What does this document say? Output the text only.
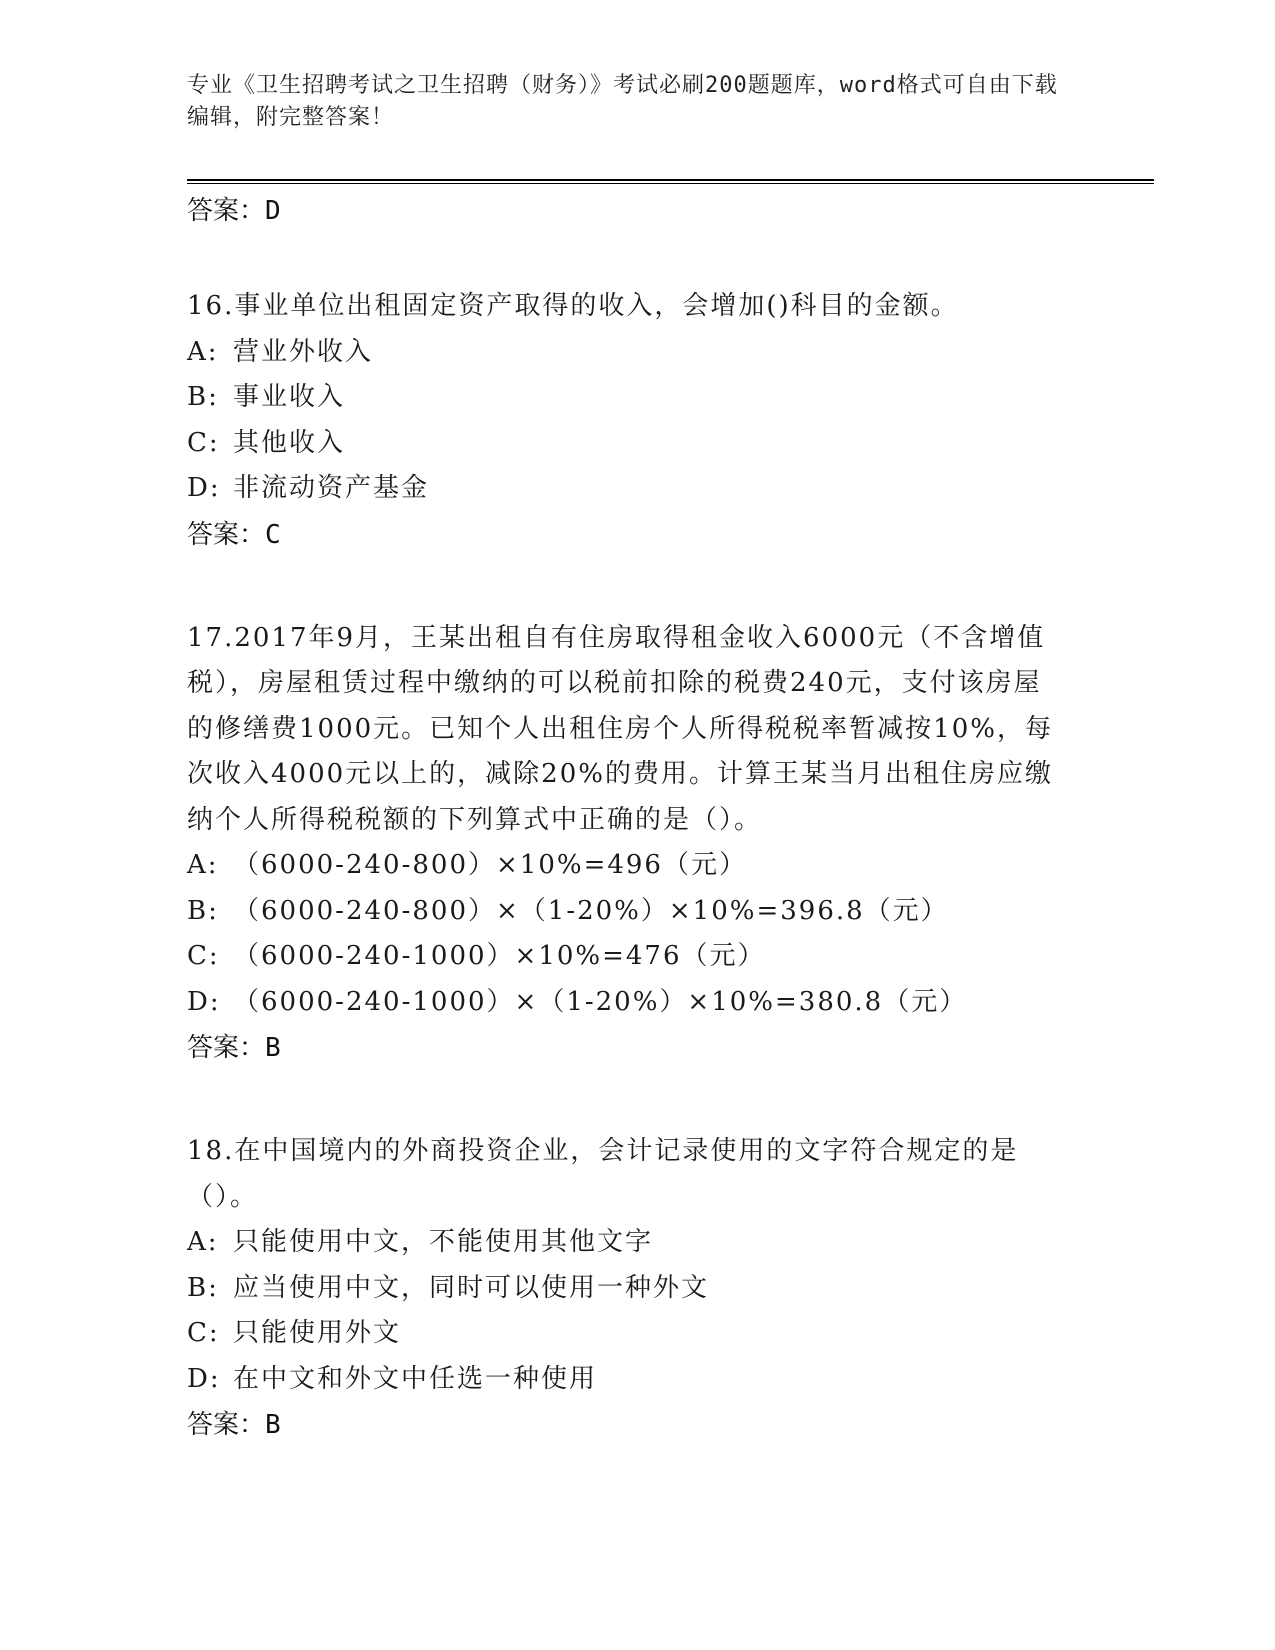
专业《卫生招聘考试之卫生招聘（财务）》考试必刷200题题库，word格式可自由下载编辑，附完整答案！
答案：D

16.事业单位出租固定资产取得的收入，会增加()科目的金额。

A: 营业外收入
B: 事业收入
C: 其他收入
D: 非流动资产基金
答案：C

17.2017年9月，王某出租自有住房取得租金收入6000元（不含增值税），房屋租赁过程中缴纳的可以税前扣除的税费240元，支付该房屋的修缮费1000元。已知个人出租住房个人所得税税率暂减按10%，每次收入4000元以上的，减除20%的费用。计算王某当月出租住房应缴纳个人所得税税额的下列算式中正确的是（）。

A: （6000-240-800）×10%=496（元）
B: （6000-240-800）×（1-20%）×10%=396.8（元）
C: （6000-240-1000）×10%=476（元）
D: （6000-240-1000）×（1-20%）×10%=380.8（元）
答案：B

18.在中国境内的外商投资企业，会计记录使用的文字符合规定的是（）。

A: 只能使用中文，不能使用其他文字
B: 应当使用中文，同时可以使用一种外文
C: 只能使用外文
D: 在中文和外文中任选一种使用
答案：B
